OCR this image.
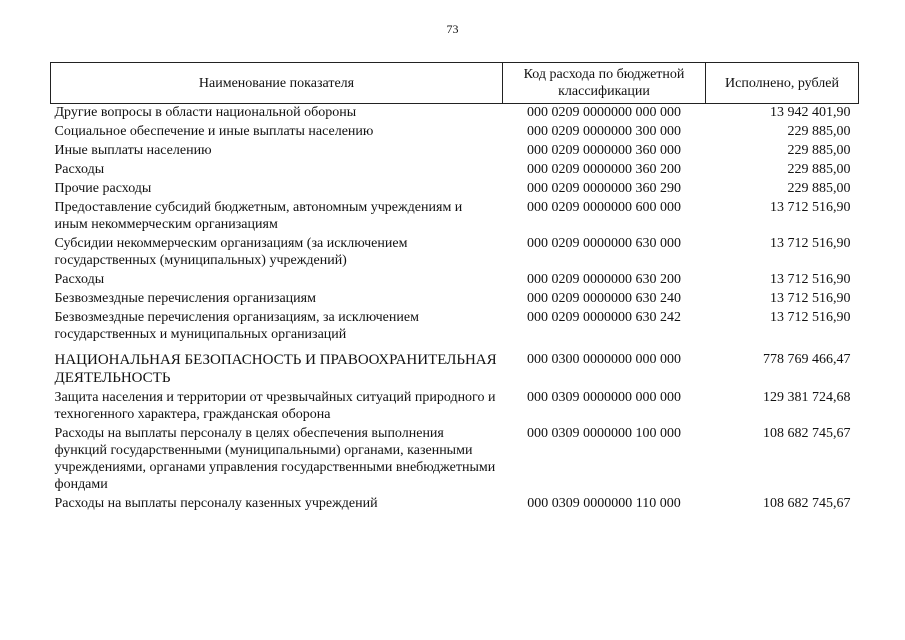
73
Наименование показателя	Код расхода по бюджетной классификации	Исполнено, рублей
Другие вопросы в области национальной обороны	000 0209 0000000 000 000	13 942 401,90
Социальное обеспечение и иные выплаты населению	000 0209 0000000 300 000	229 885,00
Иные выплаты населению	000 0209 0000000 360 000	229 885,00
Расходы	000 0209 0000000 360 200	229 885,00
Прочие расходы	000 0209 0000000 360 290	229 885,00
Предоставление субсидий бюджетным, автономным учреждениям и иным некоммерческим организациям	000 0209 0000000 600 000	13 712 516,90
Субсидии некоммерческим организациям (за исключением государственных (муниципальных) учреждений)	000 0209 0000000 630 000	13 712 516,90
Расходы	000 0209 0000000 630 200	13 712 516,90
Безвозмездные перечисления организациям	000 0209 0000000 630 240	13 712 516,90
Безвозмездные перечисления организациям, за исключением государственных и муниципальных организаций	000 0209 0000000 630 242	13 712 516,90
НАЦИОНАЛЬНАЯ БЕЗОПАСНОСТЬ И ПРАВООХРАНИТЕЛЬНАЯ ДЕЯТЕЛЬНОСТЬ	000 0300 0000000 000 000	778 769 466,47
Защита населения и территории от чрезвычайных ситуаций природного и техногенного характера, гражданская оборона	000 0309 0000000 000 000	129 381 724,68
Расходы на выплаты персоналу в целях обеспечения выполнения функций государственными (муниципальными) органами, казенными учреждениями, органами управления государственными внебюджетными фондами	000 0309 0000000 100 000	108 682 745,67
Расходы на выплаты персоналу казенных учреждений	000 0309 0000000 110 000	108 682 745,67
